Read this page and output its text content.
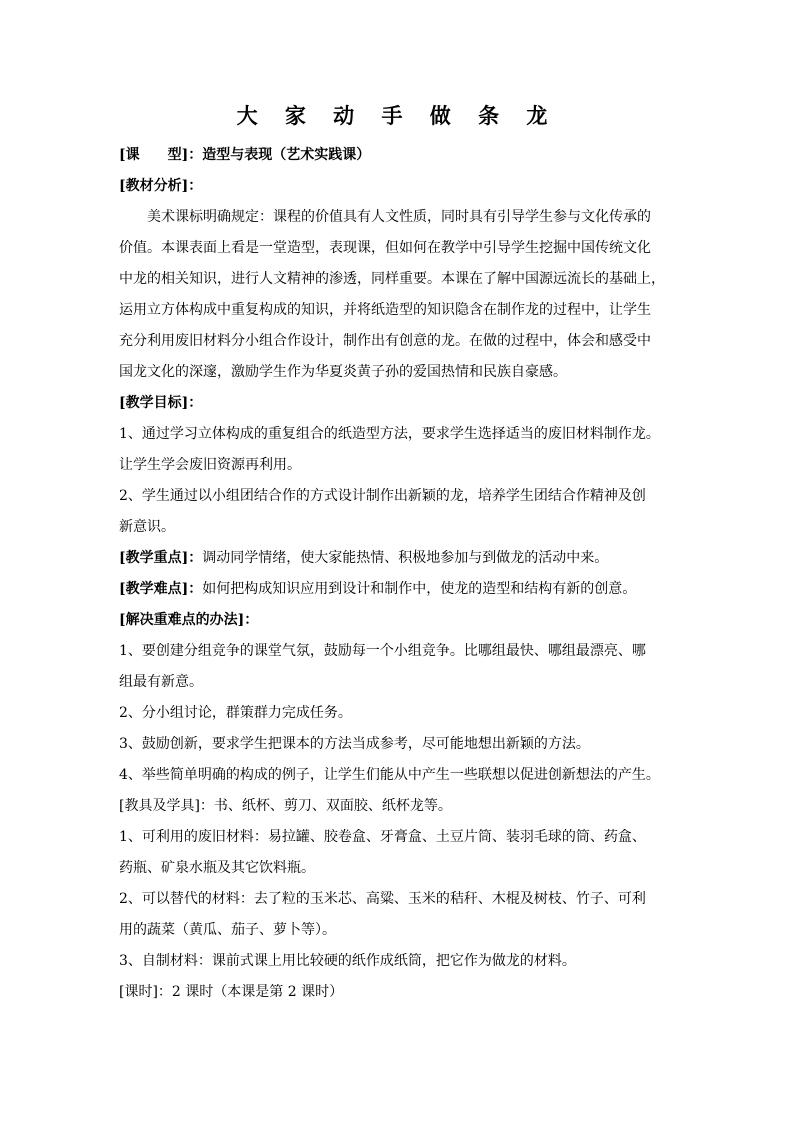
大 家 动 手 做 条 龙
[课　　型]：造型与表现（艺术实践课）
[教材分析]：
美术课标明确规定：课程的价值具有人文性质，同时具有引导学生参与文化传承的
价值。本课表面上看是一堂造型，表现课，但如何在教学中引导学生挖掘中国传统文化
中龙的相关知识，进行人文精神的渗透，同样重要。本课在了解中国源远流长的基础上，
运用立方体构成中重复构成的知识，并将纸造型的知识隐含在制作龙的过程中，让学生
充分利用废旧材料分小组合作设计，制作出有创意的龙。在做的过程中，体会和感受中
国龙文化的深邃，激励学生作为华夏炎黄子孙的爱国热情和民族自豪感。
[教学目标]：
1、通过学习立体构成的重复组合的纸造型方法，要求学生选择适当的废旧材料制作龙。
让学生学会废旧资源再利用。
2、学生通过以小组团结合作的方式设计制作出新颖的龙，培养学生团结合作精神及创
新意识。
[教学重点]：调动同学情绪，使大家能热情、积极地参加与到做龙的活动中来。
[教学难点]：如何把构成知识应用到设计和制作中，使龙的造型和结构有新的创意。
[解决重难点的办法]：
1、要创建分组竞争的课堂气氛，鼓励每一个小组竞争。比哪组最快、哪组最漂亮、哪
组最有新意。
2、分小组讨论，群策群力完成任务。
3、鼓励创新，要求学生把课本的方法当成参考，尽可能地想出新颖的方法。
4、举些简单明确的构成的例子，让学生们能从中产生一些联想以促进创新想法的产生。
[教具及学具]：书、纸杯、剪刀、双面胶、纸杯龙等。
1、可利用的废旧材料：易拉罐、胶卷盒、牙膏盒、土豆片筒、装羽毛球的筒、药盒、
药瓶、矿泉水瓶及其它饮料瓶。
2、可以替代的材料：去了粒的玉米芯、高粱、玉米的秸秆、木棍及树枝、竹子、可利
用的蔬菜（黄瓜、茄子、萝卜等）。
3、自制材料：课前式课上用比较硬的纸作成纸筒，把它作为做龙的材料。
[课时]：2 课时（本课是第 2 课时）
